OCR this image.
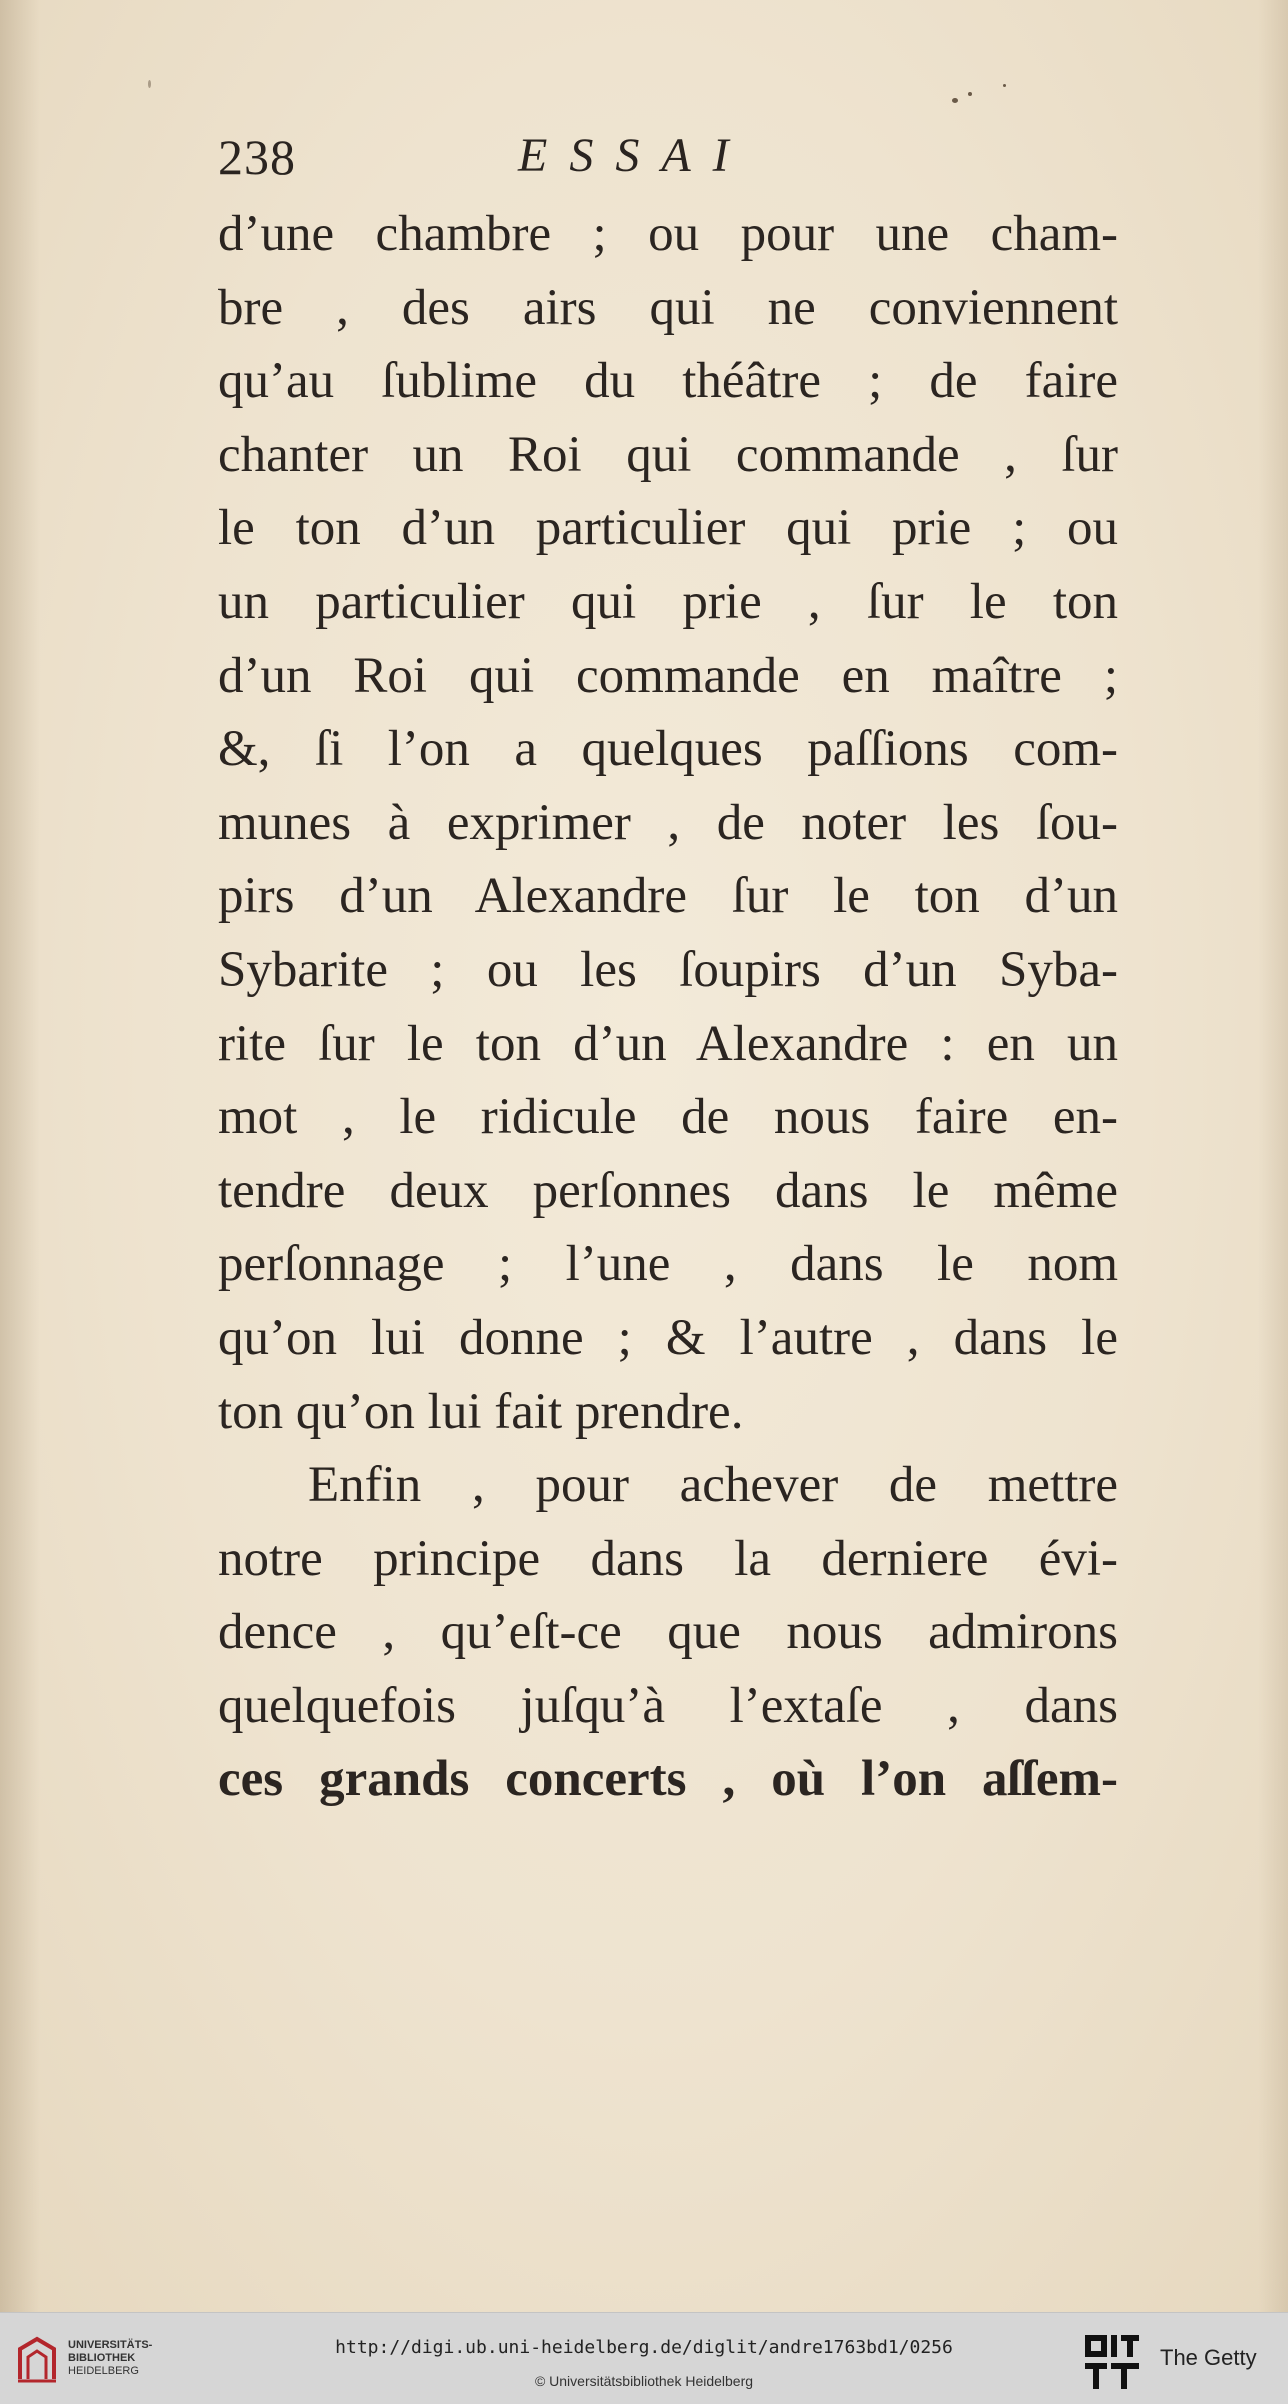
238	ESSAI
d’une chambre ; ou pour une cham-
bre , des airs qui ne conviennent
qu’au ſublime du théâtre ; de faire
chanter un Roi qui commande , ſur
le ton d’un particulier qui prie ; ou
un particulier qui prie , ſur le ton
d’un Roi qui commande en maître ;
&, ſi l’on a quelques paſſions com-
munes à exprimer , de noter les ſou-
pirs d’un Alexandre ſur le ton d’un
Sybarite ; ou les ſoupirs d’un Syba-
rite ſur le ton d’un Alexandre : en un
mot , le ridicule de nous faire en-
tendre deux perſonnes dans le même
perſonnage ; l’une , dans le nom
qu’on lui donne ; & l’autre , dans le
ton qu’on lui fait prendre.
Enfin , pour achever de mettre
notre principe dans la derniere évi-
dence , qu’eſt-ce que nous admirons
quelquefois juſqu’à l’extaſe , dans
ces grands concerts , où l’on aſſem-
UNIVERSITÄTS-
BIBLIOTHEK
HEIDELBERG
http://digi.ub.uni-heidelberg.de/diglit/andre1763bd1/0256
© Universitätsbibliothek Heidelberg
The Getty
